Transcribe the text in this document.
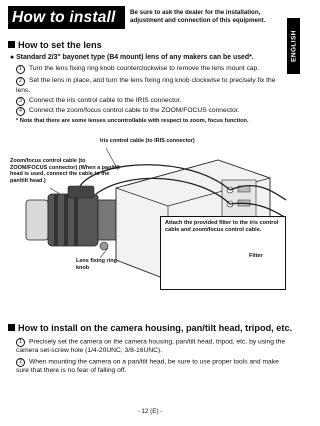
How to install	Be sure to ask the dealer for the installation, adjustment and connection of this equipment.
ENGLISH
How to set the lens
● Standard 2/3" bayonet type (B4 mount) lens of any makers can be used*.
1 Turn the lens fixing ring knob counterclockwise to remove the lens mount cap.
2 Set the lens in place, and turn the lens fixing ring knob clockwise to precisely fix the lens.
3 Connect the iris control cable to the IRIS connector.
4 Connect the zoom/focus control cable to the ZOOM/FOCUS connector.
* Note that there are some lenses uncontrollable with respect to zoom, focus function.
Iris control cable (to IRIS connector)
Zoom/focus control cable (to ZOOM/FOCUS connector) (When a pan/tilt head is used, connect the cable to the pan/tilt head.)
Lens fixing ring knob
Attach the provided filter to the iris control cable and zoom/focus control cable.
Filter
How to install on the camera housing, pan/tilt head, tripod, etc.
1 Precisely set the camera on the camera housing, pan/tilt head, tripod, etc. by using the camera set-screw hole (1/4-20UNC, 3/8-16UNC).
2 When mounting the camera on a pan/tilt head, be sure to use proper tools and make sure that there is no fear of falling off.
- 12 (E) -
